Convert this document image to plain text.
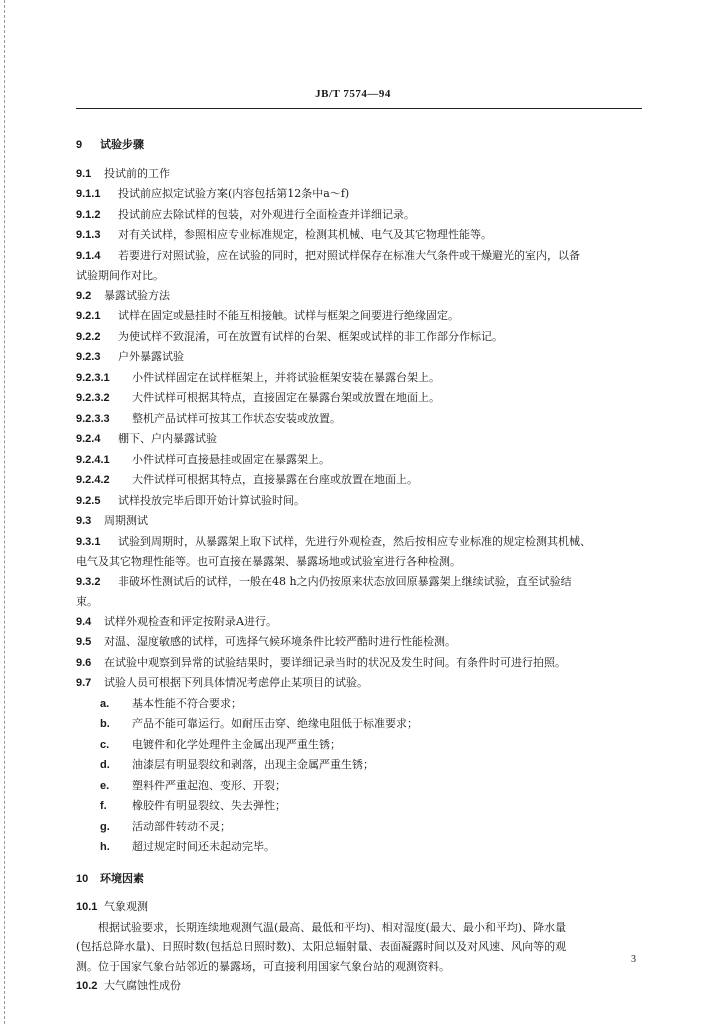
JB/T 7574—94
9 试验步骤
9.1 投试前的工作
9.1.1 投试前应拟定试验方案(内容包括第12条中a～f)
9.1.2 投试前应去除试样的包装，对外观进行全面检查并详细记录。
9.1.3 对有关试样，参照相应专业标准规定，检测其机械、电气及其它物理性能等。
9.1.4 若要进行对照试验，应在试验的同时，把对照试样保存在标准大气条件或干燥避光的室内，以备
试验期间作对比。
9.2 暴露试验方法
9.2.1 试样在固定或悬挂时不能互相接触。试样与框架之间要进行绝缘固定。
9.2.2 为使试样不致混淆，可在放置有试样的台架、框架或试样的非工作部分作标记。
9.2.3 户外暴露试验
9.2.3.1 小件试样固定在试样框架上，并将试验框架安装在暴露台架上。
9.2.3.2 大件试样可根据其特点，直接固定在暴露台架或放置在地面上。
9.2.3.3 整机产品试样可按其工作状态安装或放置。
9.2.4 棚下、户内暴露试验
9.2.4.1 小件试样可直接悬挂或固定在暴露架上。
9.2.4.2 大件试样可根据其特点，直接暴露在台座或放置在地面上。
9.2.5 试样投放完毕后即开始计算试验时间。
9.3 周期测试
9.3.1 试验到周期时，从暴露架上取下试样，先进行外观检查，然后按相应专业标准的规定检测其机械、
电气及其它物理性能等。也可直接在暴露架、暴露场地或试验室进行各种检测。
9.3.2 非破坏性测试后的试样，一般在48 h之内仍按原来状态放回原暴露架上继续试验，直至试验结
束。
9.4 试样外观检查和评定按附录A进行。
9.5 对温、湿度敏感的试样，可选择气候环境条件比较严酷时进行性能检测。
9.6 在试验中观察到异常的试验结果时，要详细记录当时的状况及发生时间。有条件时可进行拍照。
9.7 试验人员可根据下列具体情况考虑停止某项目的试验。
a. 基本性能不符合要求；
b. 产品不能可靠运行。如耐压击穿、绝缘电阻低于标准要求；
c. 电镀件和化学处理件主金属出现严重生锈；
d. 油漆层有明显裂纹和剥落，出现主金属严重生锈；
e. 塑料件严重起泡、变形、开裂；
f. 橡胶件有明显裂纹、失去弹性；
g. 活动部件转动不灵；
h. 超过规定时间还未起动完毕。
10 环境因素
10.1 气象观测
根据试验要求，长期连续地观测气温(最高、最低和平均)、相对湿度(最大、最小和平均)、降水量
(包括总降水量)、日照时数(包括总日照时数)、太阳总辐射量、表面凝露时间以及对风速、风向等的观
测。位于国家气象台站邻近的暴露场，可直接利用国家气象台站的观测资料。
10.2 大气腐蚀性成份
3
